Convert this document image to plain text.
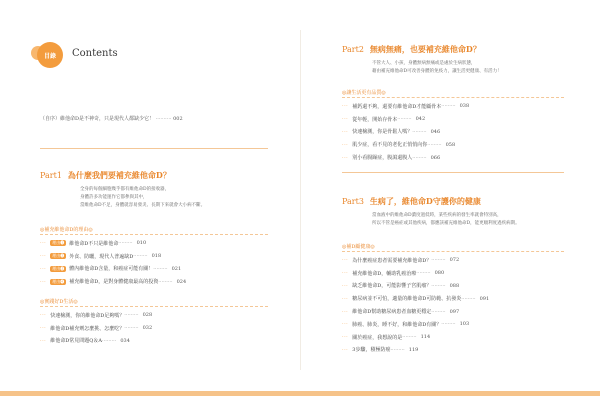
目錄 Contents
（自序）維他命D是不神奇，只是現代人都缺少它！ ·········· 002
Part1 為什麼我們要補充維他命D？
全身的每個細胞幾乎都有維他命D的接收器，
身體許多功能運作它都參與其中，
當維他命D不足，身體就容易發炎、長期下來就會大小病不斷。
◎補充維他命D的理由◎
···	理由❶	維他命D不只是維他命 ········· 010
···	理由❷	外食、防曬，現代人普遍缺D ········· 018
···	理由❸	體內維他命D含量，和癌症可能有關！ ········· 021
···	理由❹	補充維他命D，是對身體健康最高的投資 ········· 024
◎實踐好D生活◎
··· 快速檢測，你的維他命D足夠嗎？ ········· 028
··· 維他命D補充劑怎麼挑、怎麼吃？ ········· 032
··· 維他命D常見問題Q＆A ········· 034
Part2 無病無痛，也要補充維他命D？
不管大人、小孩，身體無病無痛或是處於生病狀態，
藉由補充維他命D可改善身體的免疫力，讓生活更健康、有活力！
◎讓生活更有品質◎
··· 補鈣還不夠，還要有維他命D才能顧骨本 ········· 038
··· 從年輕，開始存骨本 ········· 042
··· 快速檢測，你是骨鬆人嗎？ ········· 046
··· 肌少症，看不見的老化正悄悄向你 ········· 058
··· 別小看腸躁症，腹瀉還腹人 ········· 066
Part3 生病了，維他命D守護你的健康
當血液中的維他命D濃度過低時，某些疾病的發生率就會特別高，
所以不管是癌症或其他疾病，都應該補充維他命D，能更順利度過疾病期。
◎補D顧健康◎
··· 為什麼癌症患者需要補充維他命D？ ········· 072
··· 補充維他命D，輔助乳癌治療 ········· 080
··· 缺乏維他命D，可能影響子宮肌瘤？ ········· 088
··· 糖尿病並不可怕，適量的維他命D可防範、抗發炎 ········· 091
··· 維他命D幫助糖尿病患者血糖更穩定 ········· 097
··· 肺癌、肺炎，睡不好，和維他命D有關？ ········· 103
··· 關於癌症，我想說的是 ········· 114
··· 3步驟，積極防癌 ········· 119
